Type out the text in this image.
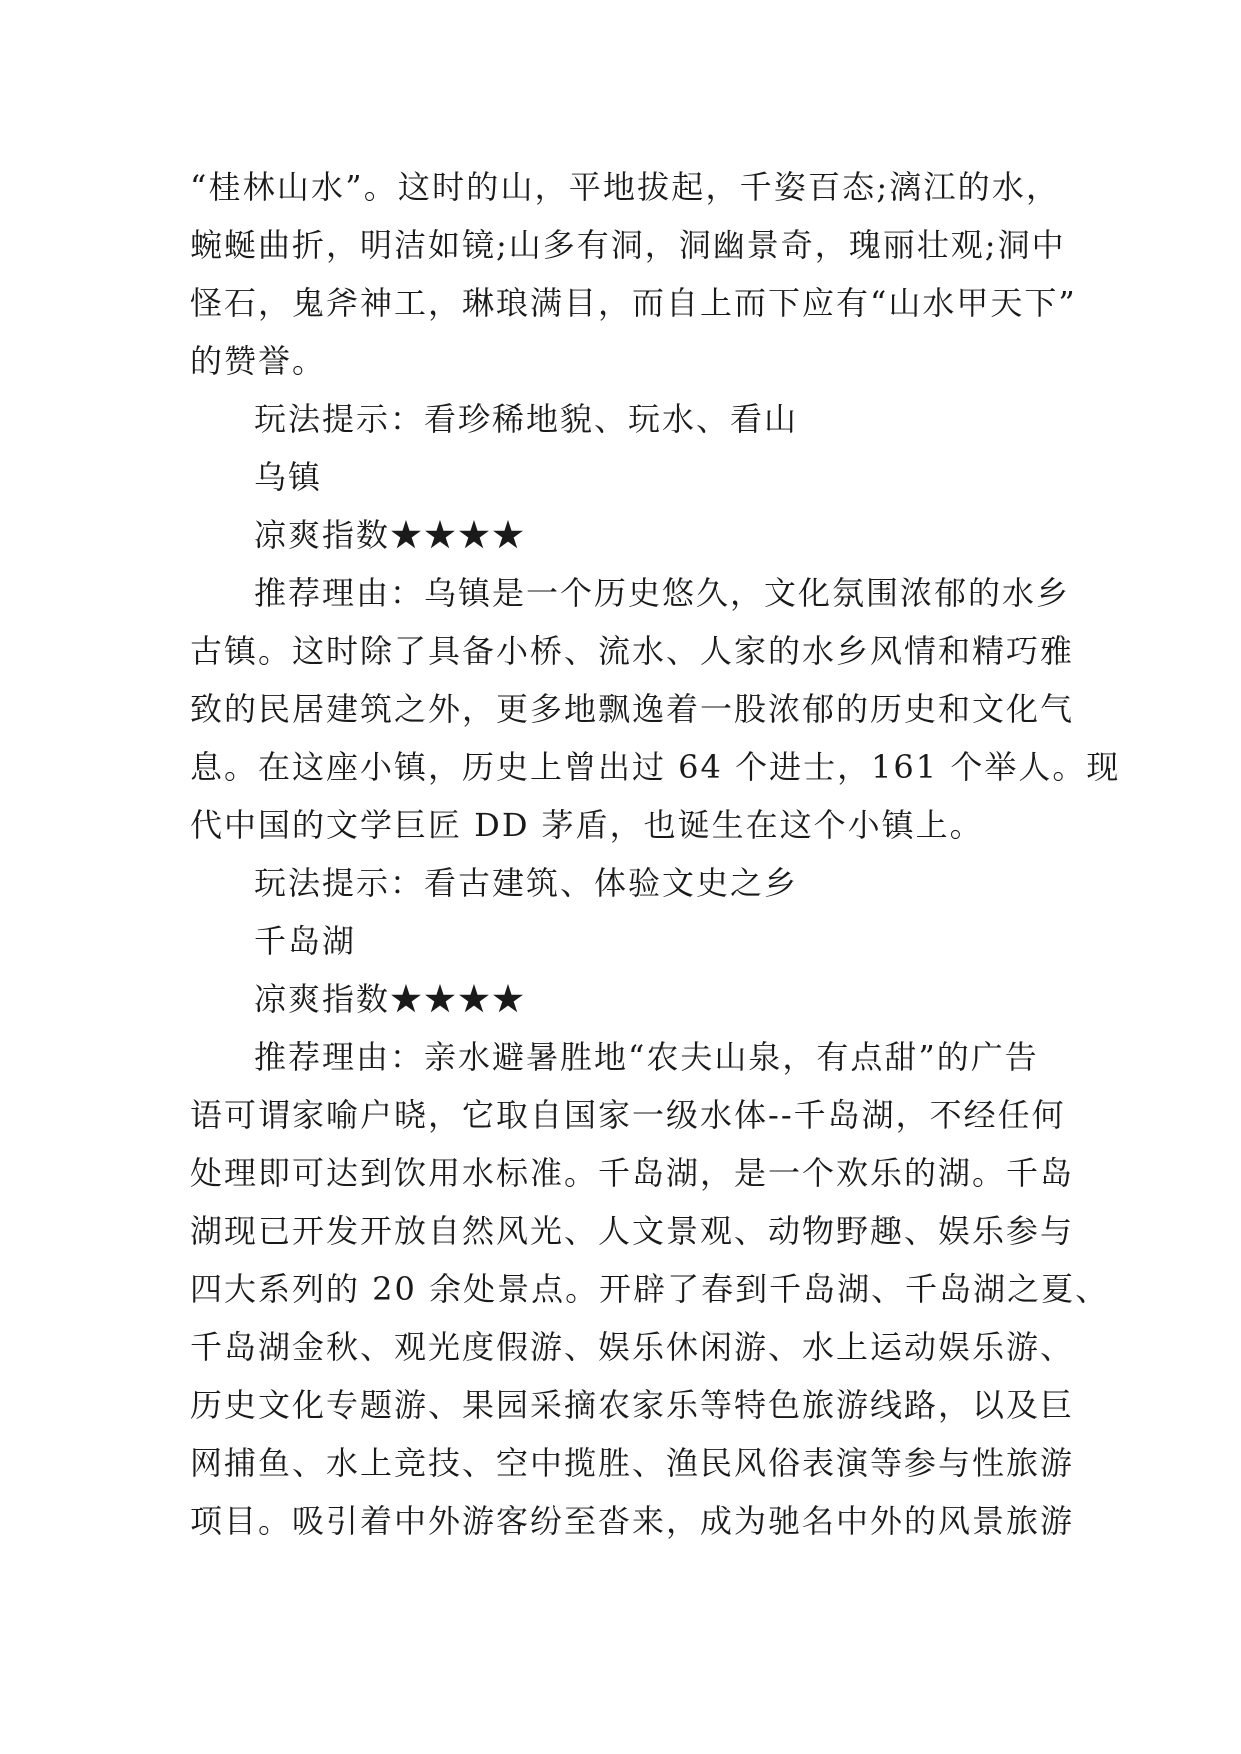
“桂林山水”。这时的山，平地拔起，千姿百态;漓江的水，
蜿蜒曲折，明洁如镜;山多有洞，洞幽景奇，瑰丽壮观;洞中
怪石，鬼斧神工，琳琅满目，而自上而下应有“山水甲天下”
的赞誉。
玩法提示：看珍稀地貌、玩水、看山
乌镇
凉爽指数★★★★
推荐理由：乌镇是一个历史悠久，文化氛围浓郁的水乡
古镇。这时除了具备小桥、流水、人家的水乡风情和精巧雅
致的民居建筑之外，更多地飘逸着一股浓郁的历史和文化气
息。在这座小镇，历史上曾出过 64 个进士，161 个举人。现
代中国的文学巨匠 DD 茅盾，也诞生在这个小镇上。
玩法提示：看古建筑、体验文史之乡
千岛湖
凉爽指数★★★★
推荐理由：亲水避暑胜地“农夫山泉，有点甜”的广告
语可谓家喻户晓，它取自国家一级水体--千岛湖，不经任何
处理即可达到饮用水标准。千岛湖，是一个欢乐的湖。千岛
湖现已开发开放自然风光、人文景观、动物野趣、娱乐参与
四大系列的 20 余处景点。开辟了春到千岛湖、千岛湖之夏、
千岛湖金秋、观光度假游、娱乐休闲游、水上运动娱乐游、
历史文化专题游、果园采摘农家乐等特色旅游线路，以及巨
网捕鱼、水上竞技、空中揽胜、渔民风俗表演等参与性旅游
项目。吸引着中外游客纷至沓来，成为驰名中外的风景旅游
